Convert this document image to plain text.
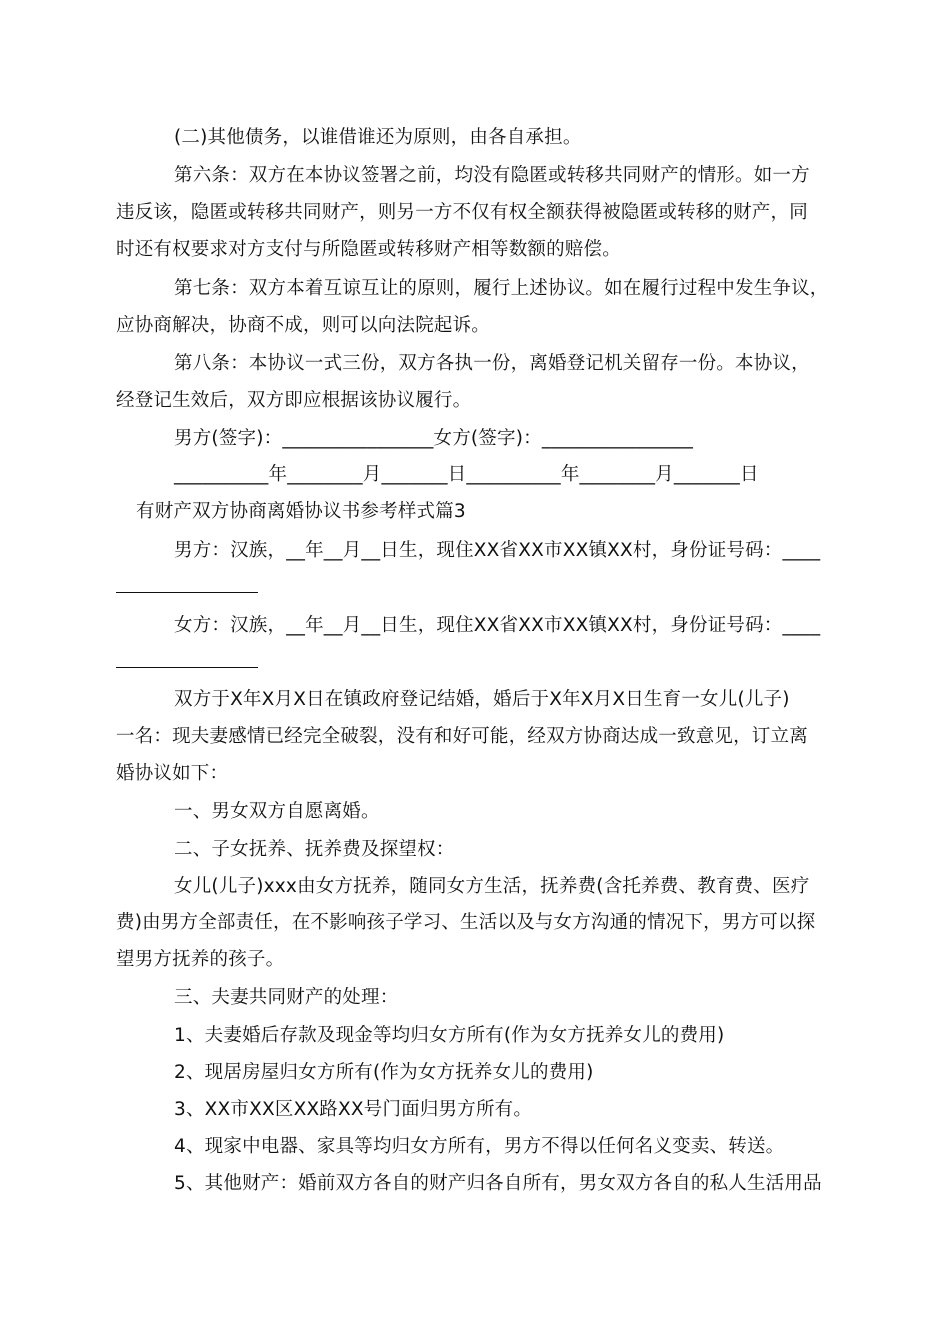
(二)其他债务，以谁借谁还为原则，由各自承担。
第六条：双方在本协议签署之前，均没有隐匿或转移共同财产的情形。如一方
违反该，隐匿或转移共同财产，则另一方不仅有权全额获得被隐匿或转移的财产，同
时还有权要求对方支付与所隐匿或转移财产相等数额的赔偿。
第七条：双方本着互谅互让的原则，履行上述协议。如在履行过程中发生争议，
应协商解决，协商不成，则可以向法院起诉。
第八条：本协议一式三份，双方各执一份，离婚登记机关留存一份。本协议，
经登记生效后，双方即应根据该协议履行。
男方(签字)：________________女方(签字)：________________
__________年________月_______日__________年________月_______日
有财产双方协商离婚协议书参考样式篇3
男方：汉族，__年__月__日生，现住XX省XX市XX镇XX村，身份证号码：____
女方：汉族，__年__月__日生，现住XX省XX市XX镇XX村，身份证号码：____
双方于X年X月X日在镇政府登记结婚，婚后于X年X月X日生育一女儿(儿子)
一名：现夫妻感情已经完全破裂，没有和好可能，经双方协商达成一致意见，订立离
婚协议如下：
一、男女双方自愿离婚。
二、子女抚养、抚养费及探望权：
女儿(儿子)xxx由女方抚养，随同女方生活，抚养费(含托养费、教育费、医疗
费)由男方全部责任，在不影响孩子学习、生活以及与女方沟通的情况下，男方可以探
望男方抚养的孩子。
三、夫妻共同财产的处理：
1、夫妻婚后存款及现金等均归女方所有(作为女方抚养女儿的费用)
2、现居房屋归女方所有(作为女方抚养女儿的费用)
3、XX市XX区XX路XX号门面归男方所有。
4、现家中电器、家具等均归女方所有，男方不得以任何名义变卖、转送。
5、其他财产：婚前双方各自的财产归各自所有，男女双方各自的私人生活用品
